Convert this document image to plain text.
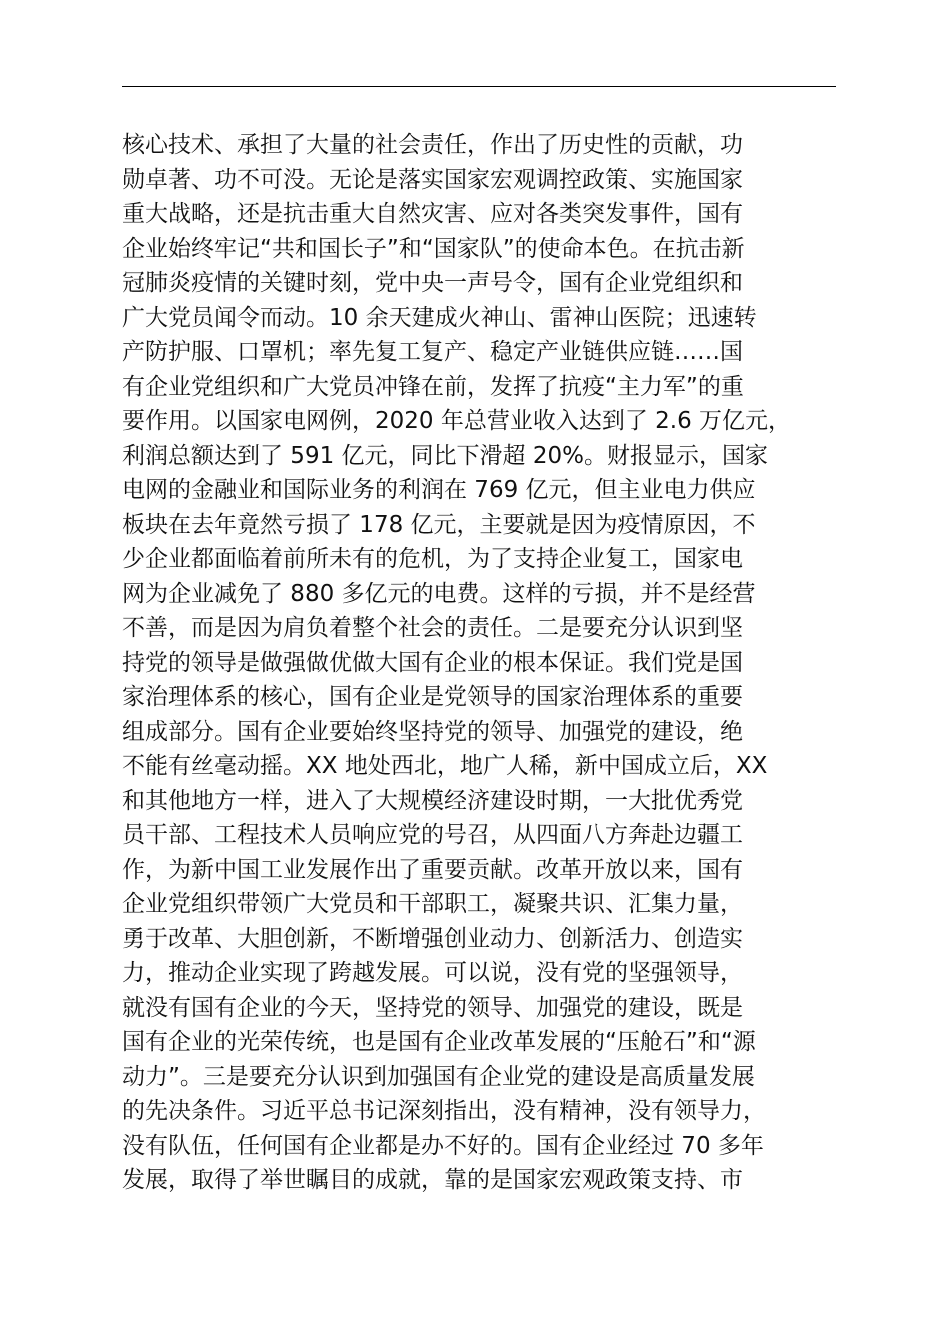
核心技术、承担了大量的社会责任，作出了历史性的贡献，功
勋卓著、功不可没。无论是落实国家宏观调控政策、实施国家
重大战略，还是抗击重大自然灾害、应对各类突发事件，国有
企业始终牢记“共和国长子”和“国家队”的使命本色。在抗击新
冠肺炎疫情的关键时刻，党中央一声号令，国有企业党组织和
广大党员闻令而动。10 余天建成火神山、雷神山医院；迅速转
产防护服、口罩机；率先复工复产、稳定产业链供应链……国
有企业党组织和广大党员冲锋在前，发挥了抗疫“主力军”的重
要作用。以国家电网例，2020 年总营业收入达到了 2.6 万亿元，
利润总额达到了 591 亿元，同比下滑超 20%。财报显示，国家
电网的金融业和国际业务的利润在 769 亿元，但主业电力供应
板块在去年竟然亏损了 178 亿元，主要就是因为疫情原因，不
少企业都面临着前所未有的危机，为了支持企业复工，国家电
网为企业减免了 880 多亿元的电费。这样的亏损，并不是经营
不善，而是因为肩负着整个社会的责任。二是要充分认识到坚
持党的领导是做强做优做大国有企业的根本保证。我们党是国
家治理体系的核心，国有企业是党领导的国家治理体系的重要
组成部分。国有企业要始终坚持党的领导、加强党的建设，绝
不能有丝毫动摇。XX 地处西北，地广人稀，新中国成立后，XX
和其他地方一样，进入了大规模经济建设时期，一大批优秀党
员干部、工程技术人员响应党的号召，从四面八方奔赴边疆工
作，为新中国工业发展作出了重要贡献。改革开放以来，国有
企业党组织带领广大党员和干部职工，凝聚共识、汇集力量，
勇于改革、大胆创新，不断增强创业动力、创新活力、创造实
力，推动企业实现了跨越发展。可以说，没有党的坚强领导，
就没有国有企业的今天，坚持党的领导、加强党的建设，既是
国有企业的光荣传统，也是国有企业改革发展的“压舱石”和“源
动力”。三是要充分认识到加强国有企业党的建设是高质量发展
的先决条件。习近平总书记深刻指出，没有精神，没有领导力，
没有队伍，任何国有企业都是办不好的。国有企业经过 70 多年
发展，取得了举世瞩目的成就，靠的是国家宏观政策支持、市
